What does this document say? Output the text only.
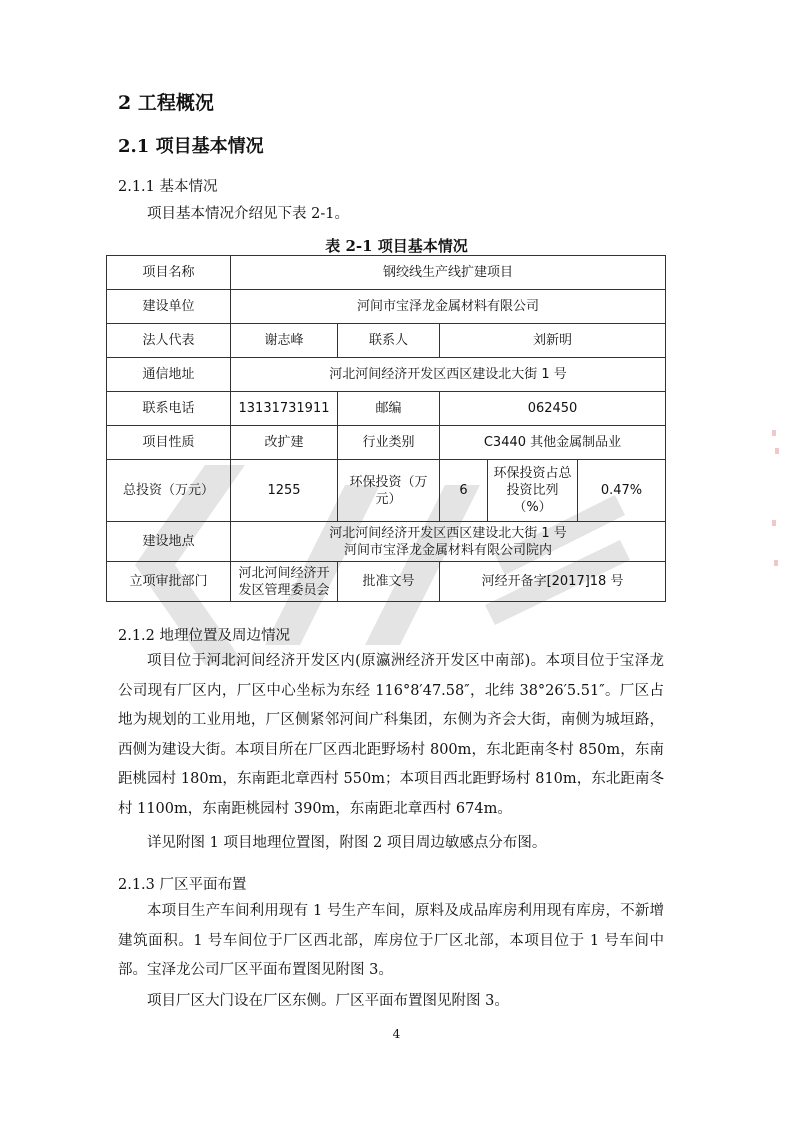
2 工程概况
2.1 项目基本情况
2.1.1 基本情况
项目基本情况介绍见下表 2-1。
表 2-1 项目基本情况
项目名称	钢绞线生产线扩建项目				
建设单位	河间市宝泽龙金属材料有限公司				
法人代表	谢志峰	联系人	刘新明		
通信地址	河北河间经济开发区西区建设北大街 1 号				
联系电话	13131731911	邮编	062450		
项目性质	改扩建	行业类别	C3440 其他金属制品业		
总投资（万元）	1255	环保投资（万元）	6	环保投资占总投资比列（%）	0.47%
建设地点	河北河间经济开发区西区建设北大街 1 号
河间市宝泽龙金属材料有限公司院内				

立项审批部门	河北河间经济开发区管理委员会	批准文号	河经开备字[2017]18 号		
2.1.2 地理位置及周边情况
项目位于河北河间经济开发区内(原瀛洲经济开发区中南部)。本项目位于宝泽龙公司现有厂区内，厂区中心坐标为东经 116°8′47.58″，北纬 38°26′5.51″。厂区占地为规划的工业用地，厂区侧紧邻河间广科集团，东侧为齐会大街，南侧为城垣路，西侧为建设大街。本项目所在厂区西北距野场村 800m，东北距南冬村 850m，东南距桃园村 180m，东南距北章西村 550m；本项目西北距野场村 810m，东北距南冬村 1100m，东南距桃园村 390m，东南距北章西村 674m。
详见附图 1 项目地理位置图，附图 2 项目周边敏感点分布图。
2.1.3 厂区平面布置
本项目生产车间利用现有 1 号生产车间，原料及成品库房利用现有库房，不新增建筑面积。1 号车间位于厂区西北部，库房位于厂区北部，本项目位于 1 号车间中部。宝泽龙公司厂区平面布置图见附图 3。
项目厂区大门设在厂区东侧。厂区平面布置图见附图 3。
4
